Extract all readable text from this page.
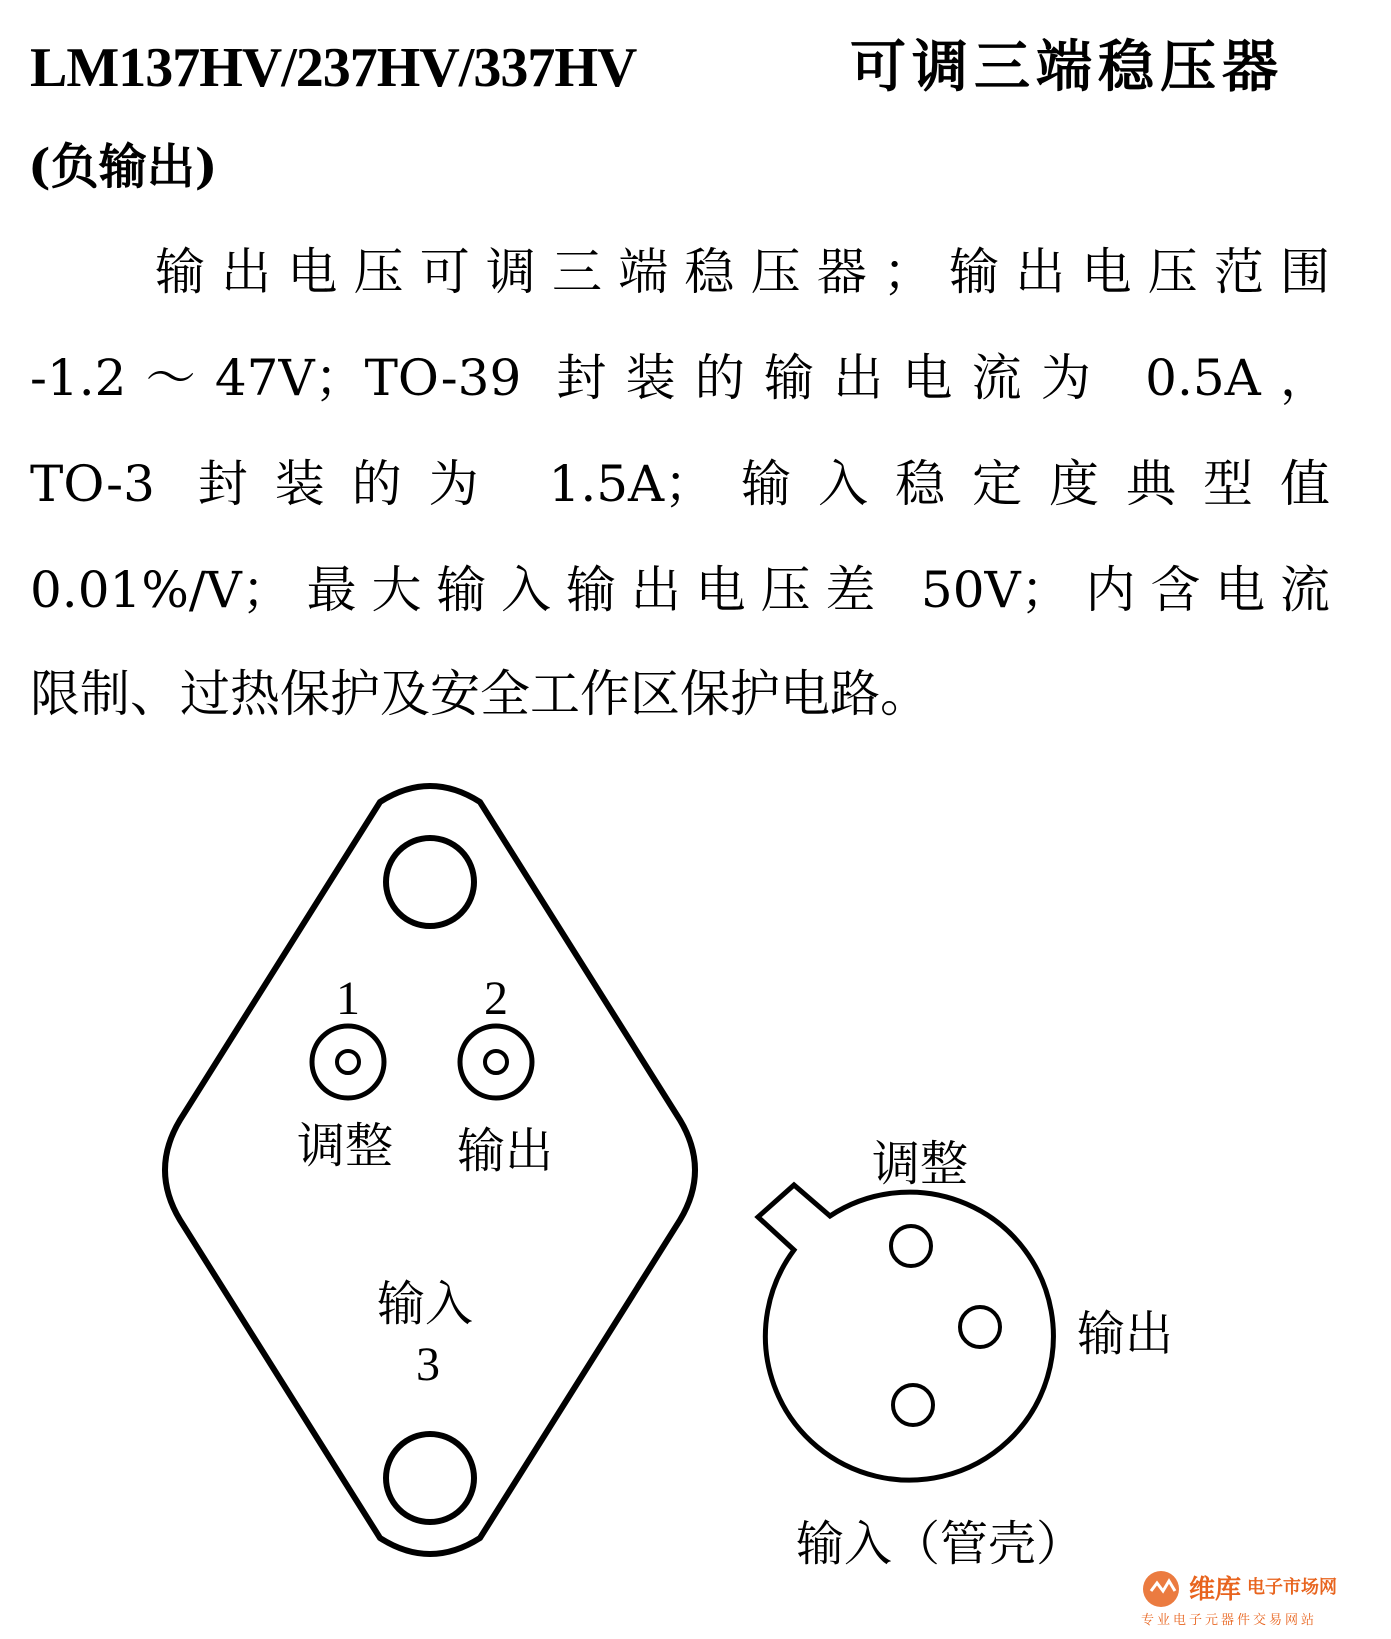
LM137HV/237HV/337HV	可调三端稳压器
(负输出)
输出电压可调三端稳压器；输出电压范围
-1.2～47V；TO-39 封装的输出电流为 0.5A，
TO-3 封装的为 1.5A；输入稳定度典型值
0.01%/V；最大输入输出电压差 50V；内含电流
限制、过热保护及安全工作区保护电路。
1
调整
2
输出
输入
3
调整
输出
输入（管壳）
维库 电子市场网
专业电子元器件交易网站
